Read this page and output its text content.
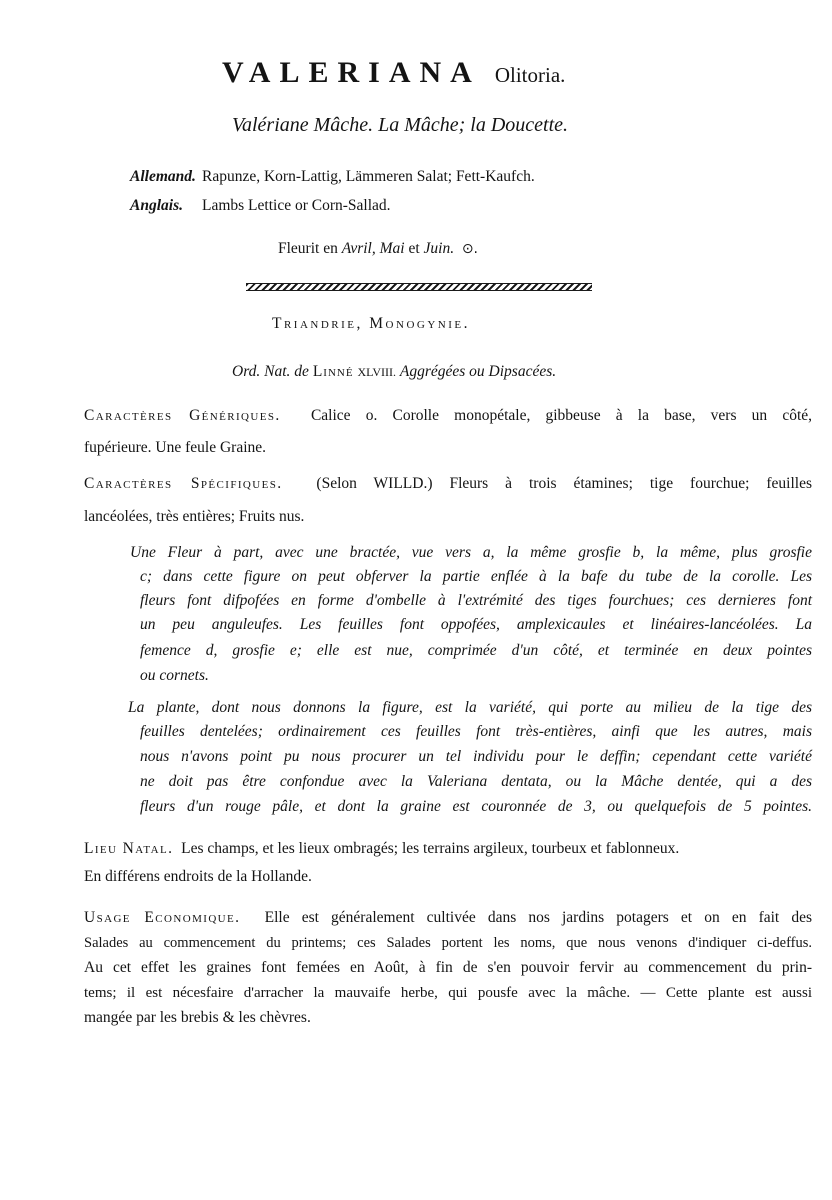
VALERIANA Olitoria.
Valériane Mâche. La Mâche; la Doucette.
Allemand. Rapunze, Korn-Lattig, Lämmeren Salat; Fett-Kaufch.
Anglais. Lambs Lettice or Corn-Sallad.
Fleurit en Avril, Mai et Juin. ⊙.
Triandrie, Monogynie.
Ord. Nat. de Linné XLVIII. Aggrégées ou Dipsacées.
Caractères Génériques. Calice o. Corolle monopétale, gibbeuse à la base, vers un côté,
fupérieure. Une feule Graine.
Caractères Spécifiques. (Selon WILLD.) Fleurs à trois étamines; tige fourchue; feuilles
lancéolées, très entières; Fruits nus.
Une Fleur à part, avec une bractée, vue vers a, la même grosfie b, la même, plus grosfie
c; dans cette figure on peut obferver la partie enflée à la bafe du tube de la corolle. Les
fleurs font difpofées en forme d'ombelle à l'extrémité des tiges fourchues; ces dernieres font
un peu anguleufes. Les feuilles font oppofées, amplexicaules et linéaires-lancéolées. La
femence d, grosfie e; elle est nue, comprimée d'un côté, et terminée en deux pointes
ou cornets.
La plante, dont nous donnons la figure, est la variété, qui porte au milieu de la tige des
feuilles dentelées; ordinairement ces feuilles font très-entières, ainfi que les autres, mais
nous n'avons point pu nous procurer un tel individu pour le deffin; cependant cette variété
ne doit pas être confondue avec la Valeriana dentata, ou la Mâche dentée, qui a des
fleurs d'un rouge pâle, et dont la graine est couronnée de 3, ou quelquefois de 5 pointes.
Lieu Natal. Les champs, et les lieux ombragés; les terrains argileux, tourbeux et fablonneux.
En différens endroits de la Hollande.
Usage Economique. Elle est généralement cultivée dans nos jardins potagers et on en fait des
Salades au commencement du printems; ces Salades portent les noms, que nous venons d'indiquer ci-deffus.
Au cet effet les graines font femées en Août, à fin de s'en pouvoir fervir au commencement du prin-
tems; il est nécesfaire d'arracher la mauvaife herbe, qui pousfe avec la mâche. — Cette plante est aussi
mangée par les brebis & les chèvres.
